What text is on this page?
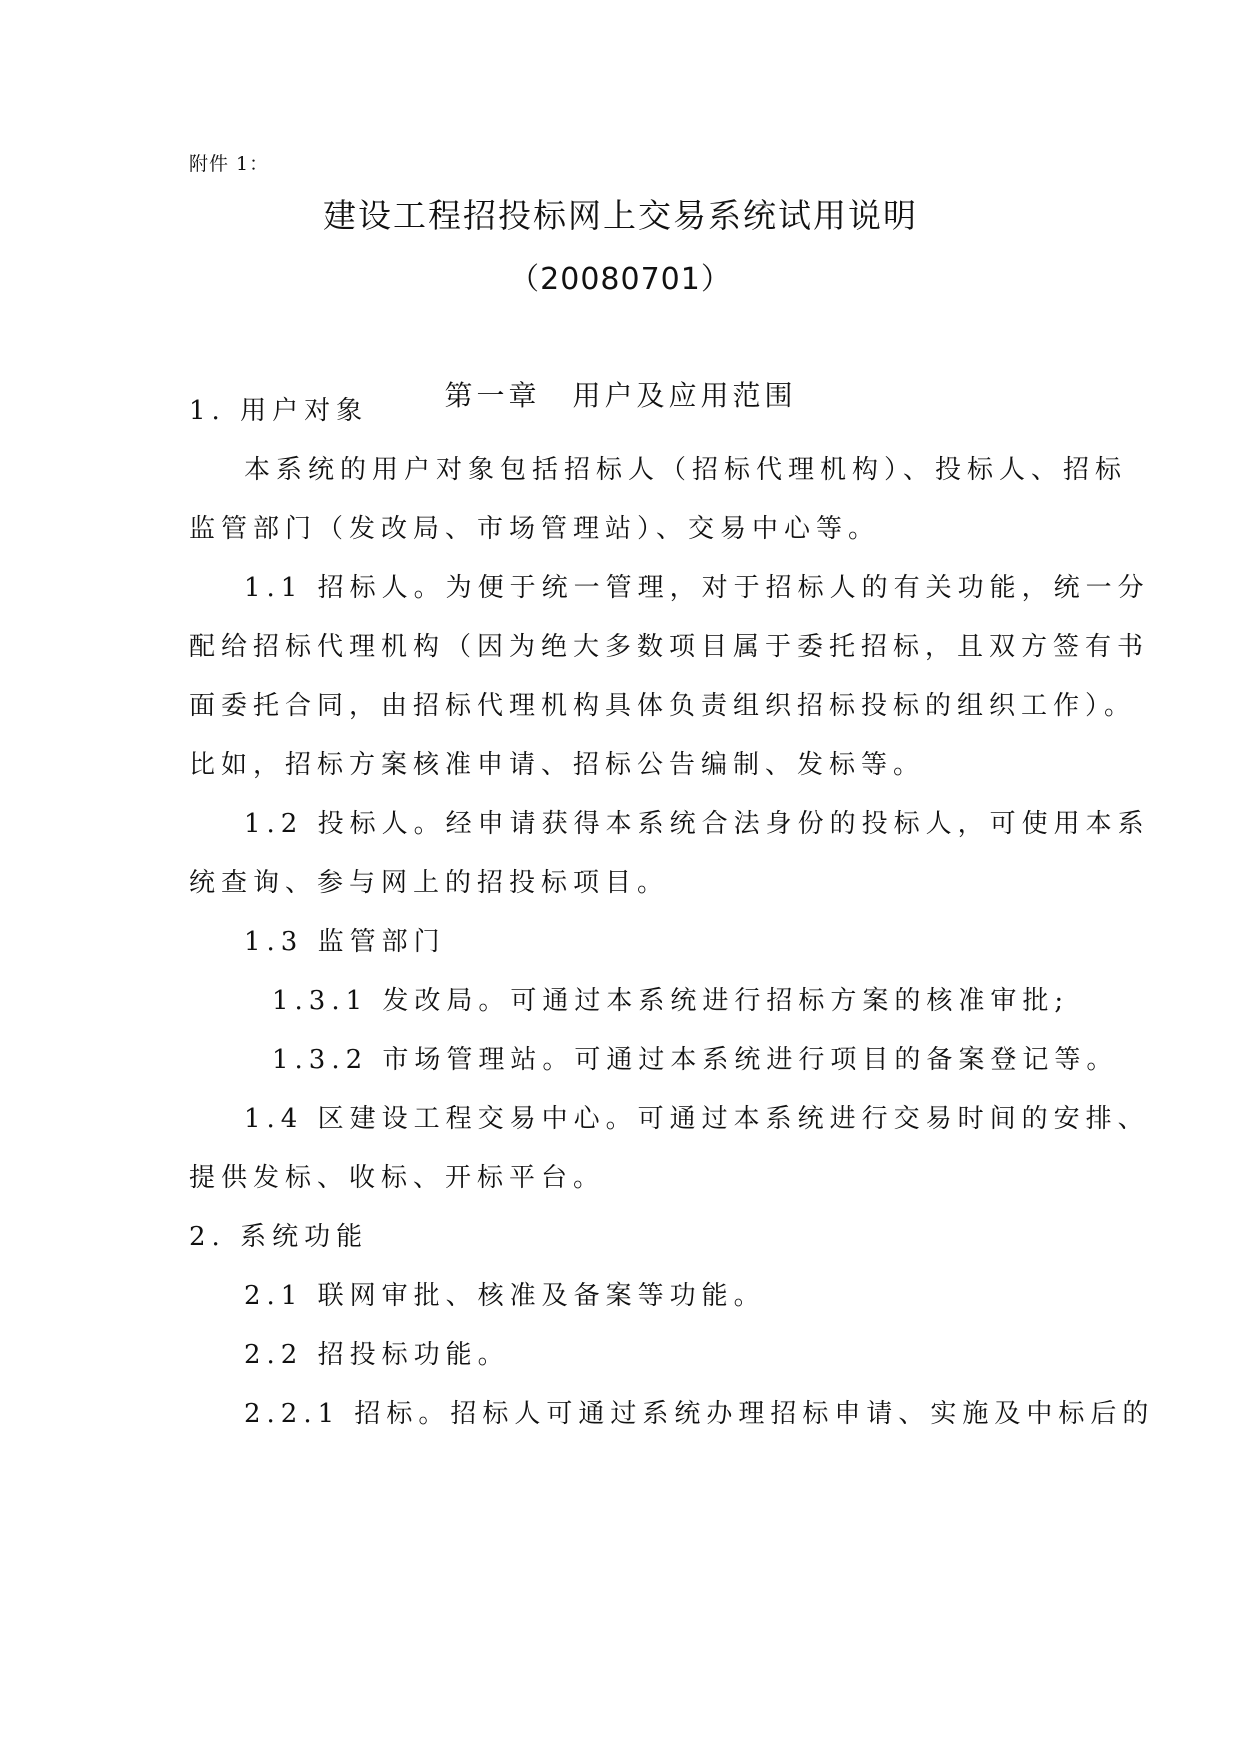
附件 1：
建设工程招投标网上交易系统试用说明
（20080701）
第一章　用户及应用范围
1. 用户对象
本系统的用户对象包括招标人（招标代理机构）、投标人、招标
监管部门（发改局、市场管理站）、交易中心等。
1.1 招标人。为便于统一管理，对于招标人的有关功能，统一分
配给招标代理机构（因为绝大多数项目属于委托招标，且双方签有书
面委托合同，由招标代理机构具体负责组织招标投标的组织工作）。
比如，招标方案核准申请、招标公告编制、发标等。
1.2 投标人。经申请获得本系统合法身份的投标人，可使用本系
统查询、参与网上的招投标项目。
1.3 监管部门
1.3.1 发改局。可通过本系统进行招标方案的核准审批;
1.3.2 市场管理站。可通过本系统进行项目的备案登记等。
1.4 区建设工程交易中心。可通过本系统进行交易时间的安排、
提供发标、收标、开标平台。
2. 系统功能
2.1 联网审批、核准及备案等功能。
2.2 招投标功能。
2.2.1 招标。招标人可通过系统办理招标申请、实施及中标后的
